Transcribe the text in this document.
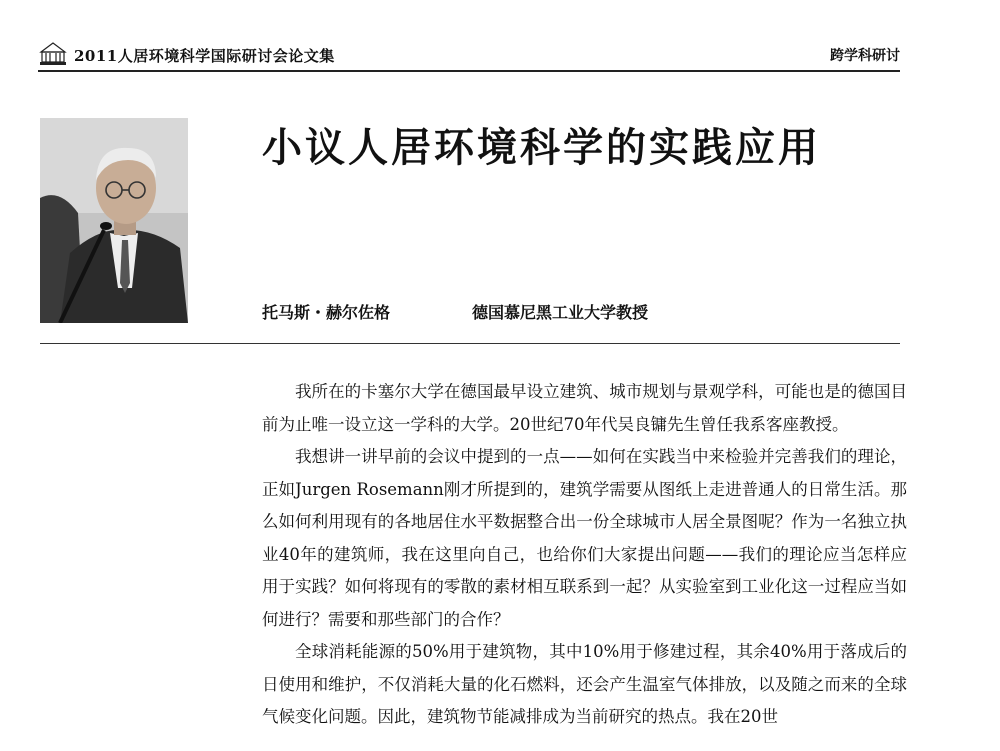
2011人居环境科学国际研讨会论文集	跨学科研讨
小议人居环境科学的实践应用
托马斯・赫尔佐格	德国慕尼黑工业大学教授

我所在的卡塞尔大学在德国最早设立建筑、城市规划与景观学科，可能也是的德国目前为止唯一设立这一学科的大学。20世纪70年代吴良镛先生曾任我系客座教授。

我想讲一讲早前的会议中提到的一点——如何在实践当中来检验并完善我们的理论，正如Jurgen Rosemann刚才所提到的，建筑学需要从图纸上走进普通人的日常生活。那么如何利用现有的各地居住水平数据整合出一份全球城市人居全景图呢？作为一名独立执业40年的建筑师，我在这里向自己，也给你们大家提出问题——我们的理论应当怎样应用于实践？如何将现有的零散的素材相互联系到一起？从实验室到工业化这一过程应当如何进行？需要和那些部门的合作？

全球消耗能源的50%用于建筑物，其中10%用于修建过程，其余40%用于落成后的日使用和维护，不仅消耗大量的化石燃料，还会产生温室气体排放，以及随之而来的全球气候变化问题。因此，建筑物节能减排成为当前研究的热点。我在20世
